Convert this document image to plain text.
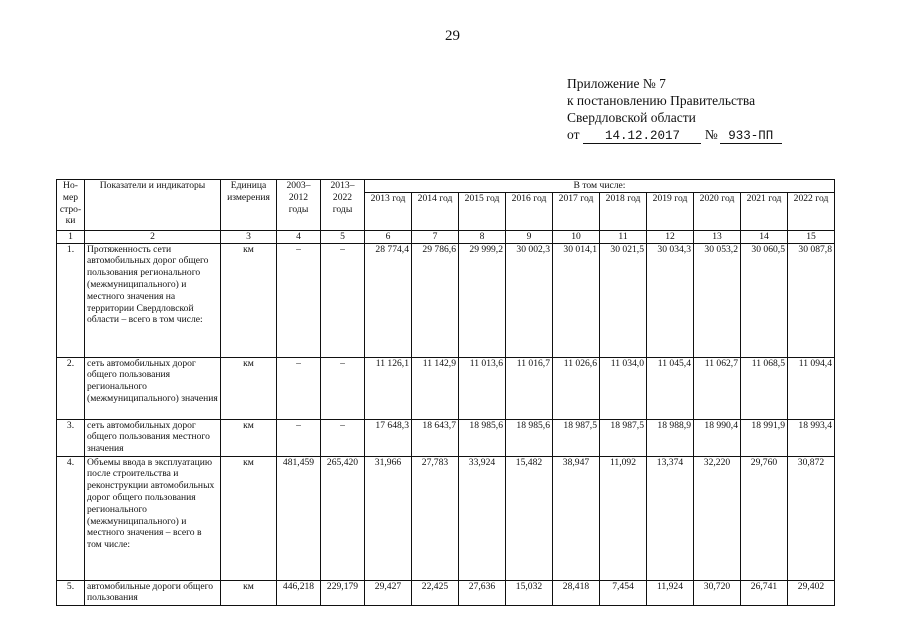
29
Приложение № 7
к постановлению Правительства
Свердловской области
от 14.12.2017 № 933-ПП
Но-мер стро-ки	Показатели и индикаторы	Единица измерения	2003–2012 годы	2013–2022 годы	В том числе:									
					2013 год	2014 год	2015 год	2016 год	2017 год	2018 год	2019 год	2020 год	2021 год	2022 год
1	2	3	4	5	6	7	8	9	10	11	12	13	14	15
1.	Протяженность сети автомобильных дорог общего пользования регионального (межмуниципального) и местного значения на территории Свердловской области – всего в том числе:	км	–	–	28 774,4	29 786,6	29 999,2	30 002,3	30 014,1	30 021,5	30 034,3	30 053,2	30 060,5	30 087,8
2.	сеть автомобильных дорог общего пользования регионального (межмуниципального) значения	км	–	–	11 126,1	11 142,9	11 013,6	11 016,7	11 026,6	11 034,0	11 045,4	11 062,7	11 068,5	11 094,4
3.	сеть автомобильных дорог общего пользования местного значения	км	–	–	17 648,3	18 643,7	18 985,6	18 985,6	18 987,5	18 987,5	18 988,9	18 990,4	18 991,9	18 993,4
4.	Объемы ввода в эксплуатацию после строительства и реконструкции автомобильных дорог общего пользования регионального (межмуниципального) и местного значения – всего в том числе:	км	481,459	265,420	31,966	27,783	33,924	15,482	38,947	11,092	13,374	32,220	29,760	30,872
5.	автомобильные дороги общего пользования	км	446,218	229,179	29,427	22,425	27,636	15,032	28,418	7,454	11,924	30,720	26,741	29,402
